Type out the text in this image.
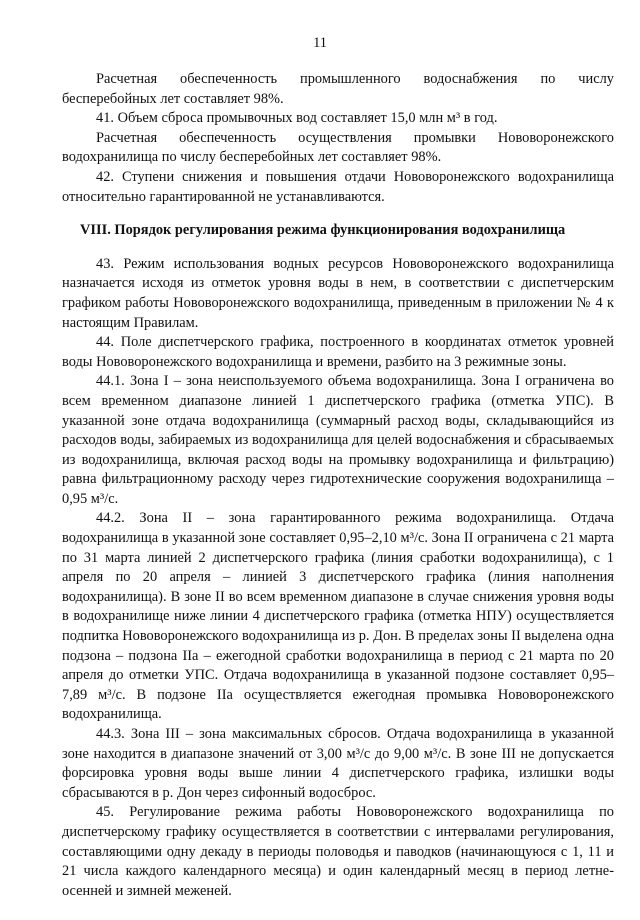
11

Расчетная обеспеченность промышленного водоснабжения по числу бесперебойных лет составляет 98%.

41. Объем сброса промывочных вод составляет 15,0 млн м³ в год.

Расчетная обеспеченность осуществления промывки Нововоронежского водохранилища по числу бесперебойных лет составляет 98%.

42. Ступени снижения и повышения отдачи Нововоронежского водохранилища относительно гарантированной не устанавливаются.

VIII. Порядок регулирования режима функционирования водохранилища

43. Режим использования водных ресурсов Нововоронежского водохранилища назначается исходя из отметок уровня воды в нем, в соответствии с диспетчерским графиком работы Нововоронежского водохранилища, приведенным в приложении № 4 к настоящим Правилам.

44. Поле диспетчерского графика, построенного в координатах отметок уровней воды Нововоронежского водохранилища и времени, разбито на 3 режимные зоны.

44.1. Зона I – зона неиспользуемого объема водохранилища. Зона I ограничена во всем временном диапазоне линией 1 диспетчерского графика (отметка УПС). В указанной зоне отдача водохранилища (суммарный расход воды, складывающийся из расходов воды, забираемых из водохранилища для целей водоснабжения и сбрасываемых из водохранилища, включая расход воды на промывку водохранилища и фильтрацию) равна фильтрационному расходу через гидротехнические сооружения водохранилища – 0,95 м³/с.

44.2. Зона II – зона гарантированного режима водохранилища. Отдача водохранилища в указанной зоне составляет 0,95–2,10 м³/с. Зона II ограничена с 21 марта по 31 марта линией 2 диспетчерского графика (линия сработки водохранилища), с 1 апреля по 20 апреля – линией 3 диспетчерского графика (линия наполнения водохранилища). В зоне II во всем временном диапазоне в случае снижения уровня воды в водохранилище ниже линии 4 диспетчерского графика (отметка НПУ) осуществляется подпитка Нововоронежского водохранилища из р. Дон. В пределах зоны II выделена одна подзона – подзона IIа – ежегодной сработки водохранилища в период с 21 марта по 20 апреля до отметки УПС. Отдача водохранилища в указанной подзоне составляет 0,95–7,89 м³/с. В подзоне IIа осуществляется ежегодная промывка Нововоронежского водохранилища.

44.3. Зона III – зона максимальных сбросов. Отдача водохранилища в указанной зоне находится в диапазоне значений от 3,00 м³/с до 9,00 м³/с. В зоне III не допускается форсировка уровня воды выше линии 4 диспетчерского графика, излишки воды сбрасываются в р. Дон через сифонный водосброс.

45. Регулирование режима работы Нововоронежского водохранилища по диспетчерскому графику осуществляется в соответствии с интервалами регулирования, составляющими одну декаду в периоды половодья и паводков (начинающуюся с 1, 11 и 21 числа каждого календарного месяца) и один календарный месяц в период летне-осенней и зимней меженей.
